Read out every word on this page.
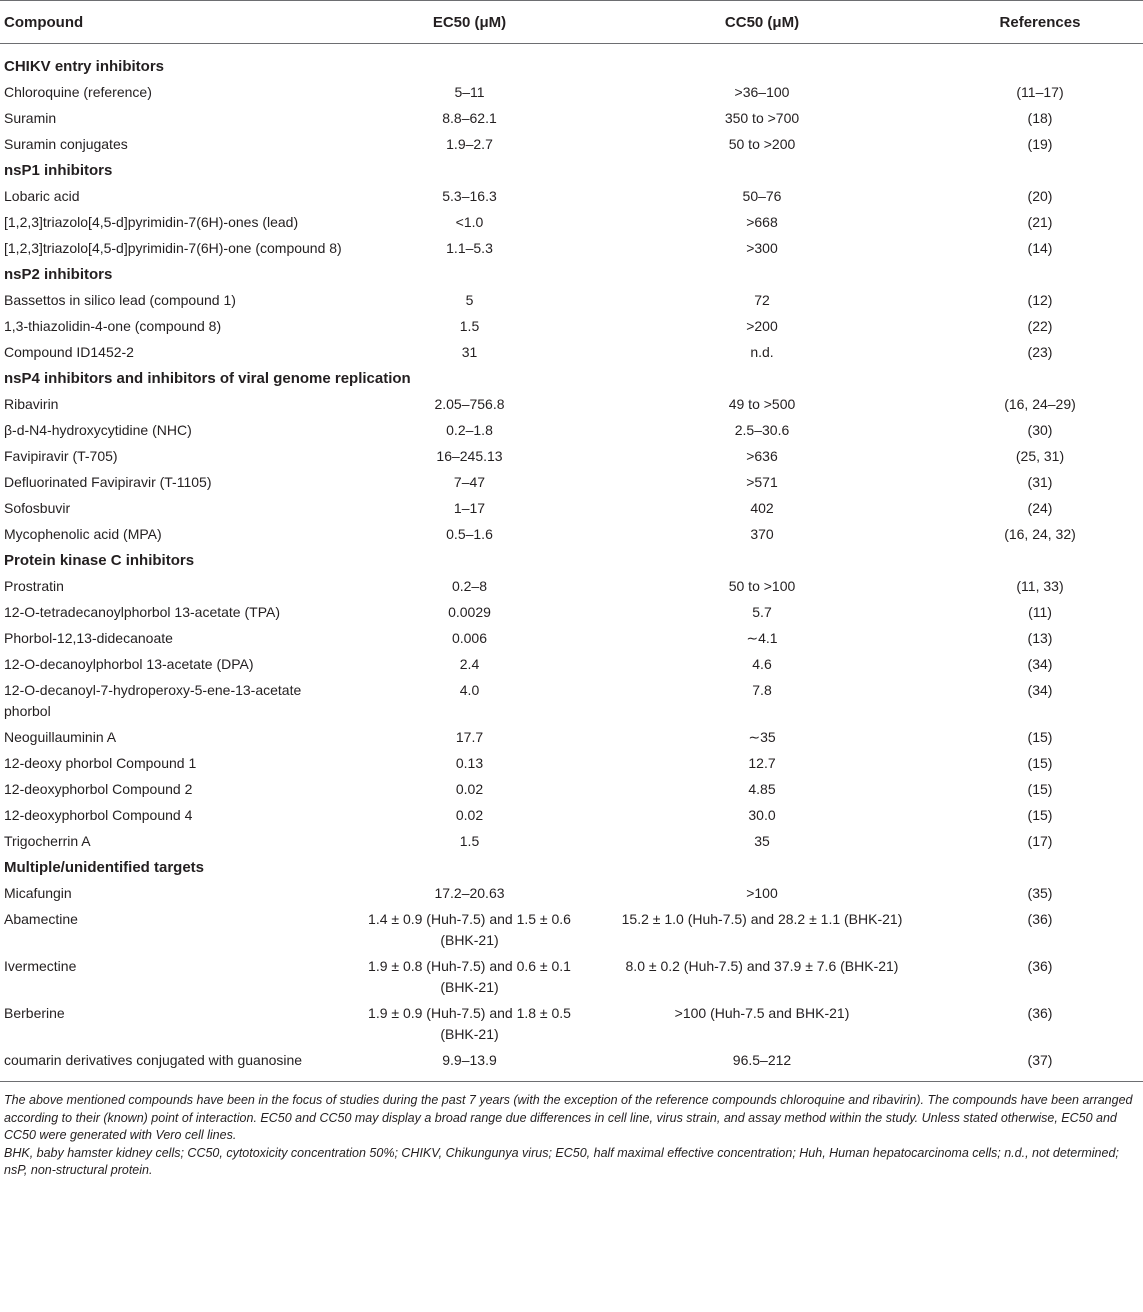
Compound	EC50 (μM)	CC50 (μM)	References
CHIKV entry inhibitors			
Chloroquine (reference)	5–11	>36–100	(11–17)
Suramin	8.8–62.1	350 to >700	(18)
Suramin conjugates	1.9–2.7	50 to >200	(19)
nsP1 inhibitors			
Lobaric acid	5.3–16.3	50–76	(20)
[1,2,3]triazolo[4,5-d]pyrimidin-7(6H)-ones (lead)	<1.0	>668	(21)
[1,2,3]triazolo[4,5-d]pyrimidin-7(6H)-one (compound 8)	1.1–5.3	>300	(14)
nsP2 inhibitors			
Bassettos in silico lead (compound 1)	5	72	(12)
1,3-thiazolidin-4-one (compound 8)	1.5	>200	(22)
Compound ID1452-2	31	n.d.	(23)
nsP4 inhibitors and inhibitors of viral genome replication			
Ribavirin	2.05–756.8	49 to >500	(16, 24–29)
β-d-N4-hydroxycytidine (NHC)	0.2–1.8	2.5–30.6	(30)
Favipiravir (T-705)	16–245.13	>636	(25, 31)
Defluorinated Favipiravir (T-1105)	7–47	>571	(31)
Sofosbuvir	1–17	402	(24)
Mycophenolic acid (MPA)	0.5–1.6	370	(16, 24, 32)
Protein kinase C inhibitors			
Prostratin	0.2–8	50 to >100	(11, 33)
12-O-tetradecanoylphorbol 13-acetate (TPA)	0.0029	5.7	(11)
Phorbol-12,13-didecanoate	0.006	∼4.1	(13)
12-O-decanoylphorbol 13-acetate (DPA)	2.4	4.6	(34)
12-O-decanoyl-7-hydroperoxy-5-ene-13-acetate phorbol	4.0	7.8	(34)
Neoguillauminin A	17.7	∼35	(15)
12-deoxy phorbol Compound 1	0.13	12.7	(15)
12-deoxyphorbol Compound 2	0.02	4.85	(15)
12-deoxyphorbol Compound 4	0.02	30.0	(15)
Trigocherrin A	1.5	35	(17)
Multiple/unidentified targets			
Micafungin	17.2–20.63	>100	(35)
Abamectine	1.4 ± 0.9 (Huh-7.5) and 1.5 ± 0.6 (BHK-21)	15.2 ± 1.0 (Huh-7.5) and 28.2 ± 1.1 (BHK-21)	(36)
Ivermectine	1.9 ± 0.8 (Huh-7.5) and 0.6 ± 0.1 (BHK-21)	8.0 ± 0.2 (Huh-7.5) and 37.9 ± 7.6 (BHK-21)	(36)
Berberine	1.9 ± 0.9 (Huh-7.5) and 1.8 ± 0.5 (BHK-21)	>100 (Huh-7.5 and BHK-21)	(36)
coumarin derivatives conjugated with guanosine	9.9–13.9	96.5–212	(37)

The above mentioned compounds have been in the focus of studies during the past 7 years (with the exception of the reference compounds chloroquine and ribavirin). The compounds have been arranged according to their (known) point of interaction. EC50 and CC50 may display a broad range due differences in cell line, virus strain, and assay method within the study. Unless stated otherwise, EC50 and CC50 were generated with Vero cell lines.

BHK, baby hamster kidney cells; CC50, cytotoxicity concentration 50%; CHIKV, Chikungunya virus; EC50, half maximal effective concentration; Huh, Human hepatocarcinoma cells; n.d., not determined; nsP, non-structural protein.
